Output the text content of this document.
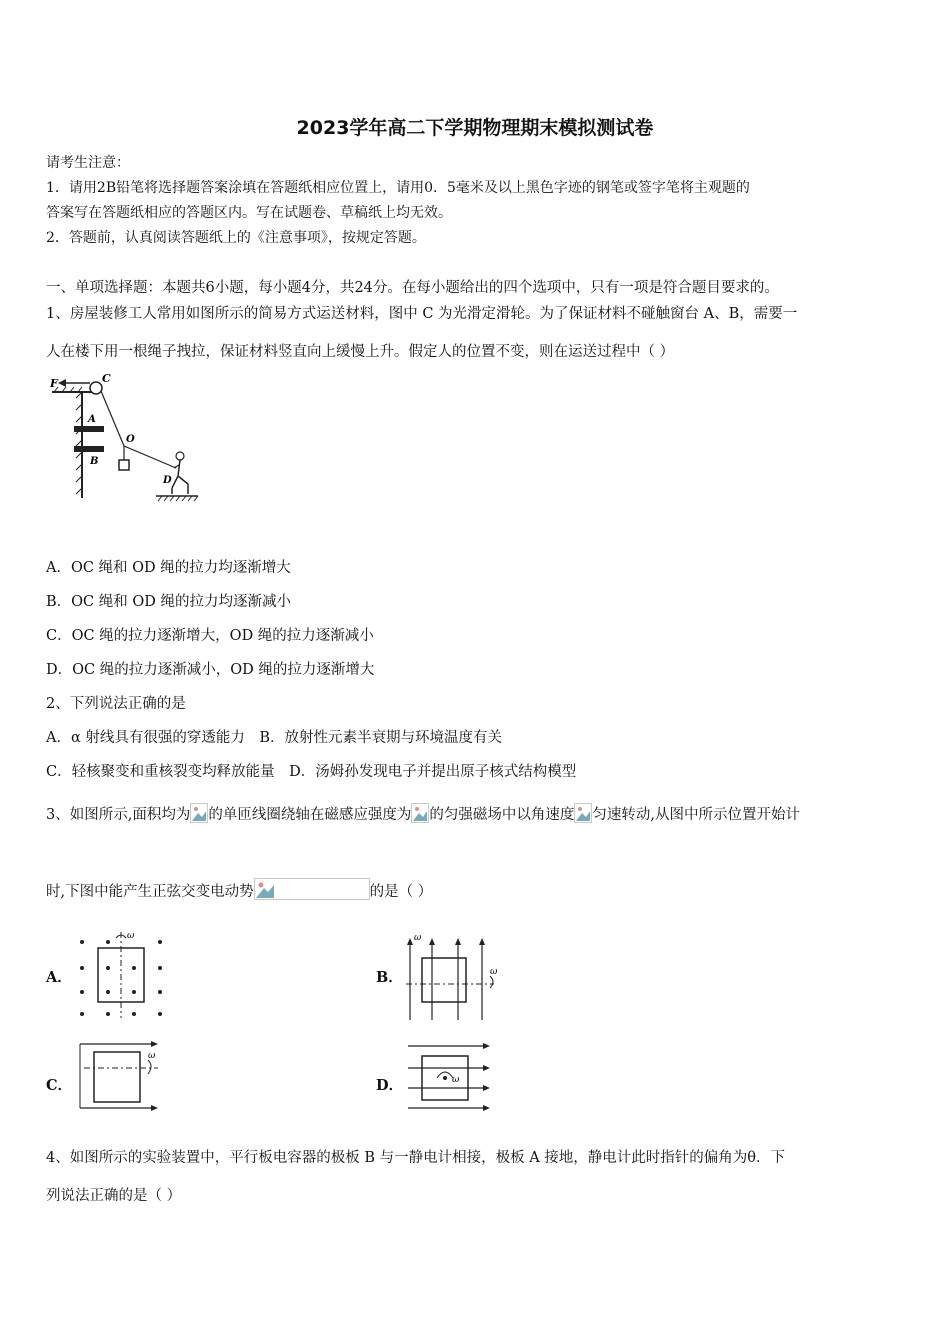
2023学年高二下学期物理期末模拟测试卷
请考生注意：
1．请用2B铅笔将选择题答案涂填在答题纸相应位置上，请用0．5毫米及以上黑色字迹的钢笔或签字笔将主观题的
答案写在答题纸相应的答题区内。写在试题卷、草稿纸上均无效。
2．答题前，认真阅读答题纸上的《注意事项》，按规定答题。
一、单项选择题：本题共6小题，每小题4分，共24分。在每小题给出的四个选项中，只有一项是符合题目要求的。
1、房屋装修工人常用如图所示的简易方式运送材料，图中 C 为光滑定滑轮。为了保证材料不碰触窗台 A、B，需要一
人在楼下用一根绳子拽拉，保证材料竖直向上缓慢上升。假定人的位置不变，则在运送过程中（ ）
F	C
A
B
O
D
A．OC 绳和 OD 绳的拉力均逐渐增大
B．OC 绳和 OD 绳的拉力均逐渐减小
C．OC 绳的拉力逐渐增大，OD 绳的拉力逐渐减小
D．OC 绳的拉力逐渐减小，OD 绳的拉力逐渐增大
2、下列说法正确的是
A．α 射线具有很强的穿透能力　B．放射性元素半衰期与环境温度有关
C．轻核聚变和重核裂变均释放能量　D．汤姆孙发现电子并提出原子核式结构模型
3、如图所示,面积均为 的单匝线圈绕轴在磁感应强度为 的匀强磁场中以角速度 匀速转动,从图中所示位置开始计
时,下图中能产生正弦交变电动势	的是（ ）
A．	B．
C．	D．
ω
ω
ω
ω
ω
4、如图所示的实验装置中，平行板电容器的极板 B 与一静电计相接，极板 A 接地，静电计此时指针的偏角为θ．下
列说法正确的是（ ）
